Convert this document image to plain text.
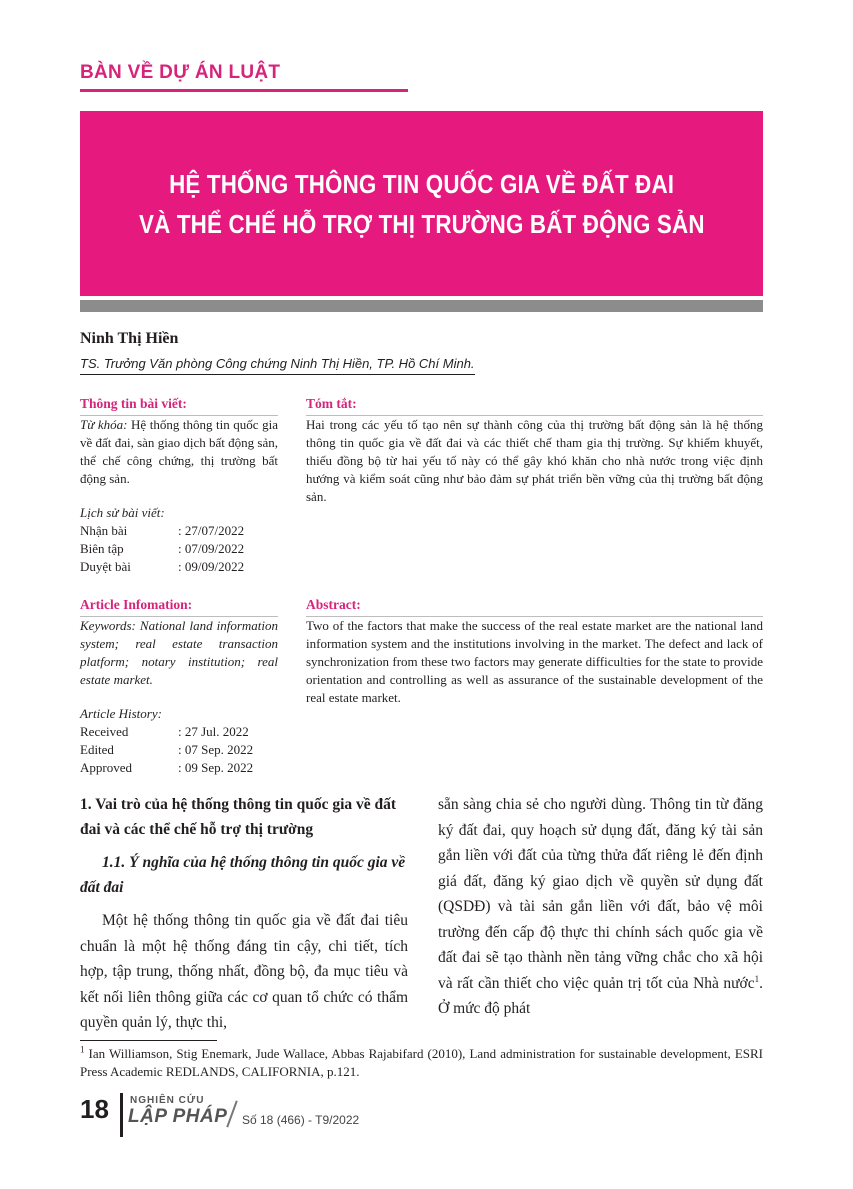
BÀN VỀ DỰ ÁN LUẬT
HỆ THỐNG THÔNG TIN QUỐC GIA VỀ ĐẤT ĐAI
VÀ THỂ CHẾ HỖ TRỢ THỊ TRƯỜNG BẤT ĐỘNG SẢN
Ninh Thị Hiền
TS. Trưởng Văn phòng Công chứng Ninh Thị Hiền, TP. Hồ Chí Minh.
Thông tin bài viết:
Từ khóa: Hệ thống thông tin quốc gia về đất đai, sàn giao dịch bất động sản, thể chế công chứng, thị trường bất động sản.
Lịch sử bài viết:
Nhận bài	: 27/07/2022
Biên tập	: 07/09/2022
Duyệt bài	: 09/09/2022
Tóm tắt:
Hai trong các yếu tố tạo nên sự thành công của thị trường bất động sản là hệ thống thông tin quốc gia về đất đai và các thiết chế tham gia thị trường. Sự khiếm khuyết, thiếu đồng bộ từ hai yếu tố này có thể gây khó khăn cho nhà nước trong việc định hướng và kiểm soát cũng như bảo đảm sự phát triển bền vững của thị trường bất động sản.
Article Infomation:
Keywords: National land information system; real estate transaction platform; notary institution; real estate market.
Article History:
Received	: 27 Jul. 2022
Edited	: 07 Sep. 2022
Approved	: 09 Sep. 2022
Abstract:
Two of the factors that make the success of the real estate market are the national land information system and the institutions involving in the market. The defect and lack of synchronization from these two factors may generate difficulties for the state to provide orientation and controlling as well as assurance of the sustainable development of the real estate market.
1. Vai trò của hệ thống thông tin quốc gia về đất đai và các thể chế hỗ trợ thị trường
1.1. Ý nghĩa của hệ thống thông tin quốc gia về đất đai
Một hệ thống thông tin quốc gia về đất đai tiêu chuẩn là một hệ thống đáng tin cậy, chi tiết, tích hợp, tập trung, thống nhất, đồng bộ, đa mục tiêu và kết nối liên thông giữa các cơ quan tổ chức có thẩm quyền quản lý, thực thi,
sẵn sàng chia sẻ cho người dùng. Thông tin từ đăng ký đất đai, quy hoạch sử dụng đất, đăng ký tài sản gắn liền với đất của từng thửa đất riêng lẻ đến định giá đất, đăng ký giao dịch về quyền sử dụng đất (QSDĐ) và tài sản gắn liền với đất, bảo vệ môi trường đến cấp độ thực thi chính sách quốc gia về đất đai sẽ tạo thành nền tảng vững chắc cho xã hội và rất cần thiết cho việc quản trị tốt của Nhà nước$^1$. Ở mức độ phát
$^1$ Ian Williamson, Stig Enemark, Jude Wallace, Abbas Rajabifard (2010), Land administration for sustainable development, ESRI Press Academic REDLANDS, CALIFORNIA, p.121.
18 NGHIÊN CỨU
LẬP PHÁP Số 18 (466) - T9/2022
